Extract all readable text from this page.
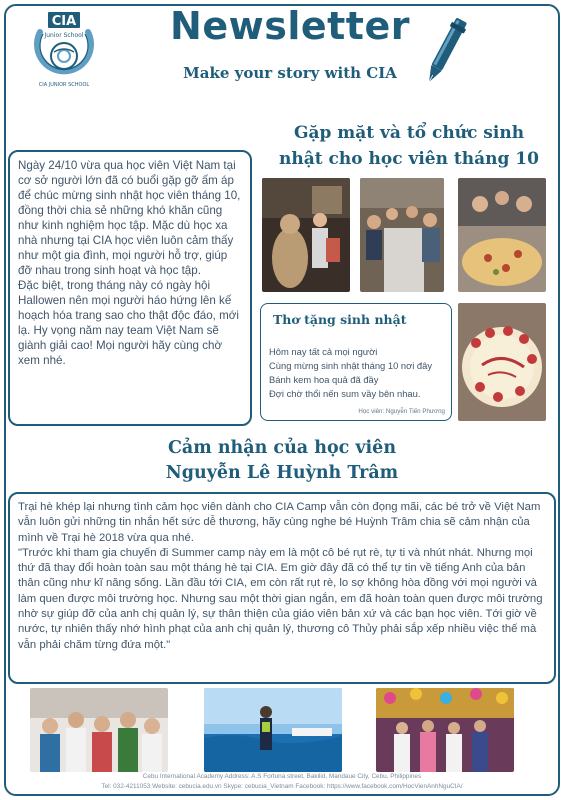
CIA
Junior School
CIA JUNIOR SCHOOL
Newsletter
Make your story with CIA
Gặp mặt và tổ chức sinh
nhật cho học viên tháng 10
Ngày 24/10 vừa qua học viên Việt Nam tại cơ sở người lớn đã có buổi gặp gỡ ấm áp để chúc mừng sinh nhật học viên tháng 10, đồng thời chia sẻ những khó khăn cũng như kinh nghiệm học tập. Mặc dù học xa nhà nhưng tại CIA học viên luôn cảm thấy như một gia đình, mọi người hỗ trợ, giúp đỡ nhau trong sinh hoạt và học tập.
Đặc biệt, trong tháng này có ngày hội Hallowen nên mọi người háo hứng lên kế hoạch hóa trang sao cho thật độc đáo, mới lạ. Hy vọng năm nay team Việt Nam sẽ giành giải cao! Mọi người hãy cùng chờ xem nhé.
Thơ tặng sinh nhật
Hôm nay tất cả mọi người
Cùng mừng sinh nhật tháng 10 nơi đây
Bánh kem hoa quả đã đầy
Đợi chờ thổi nến sum vầy bên nhau.
Học viên: Nguyễn Tiến Phương
Cảm nhận của học viên
Nguyễn Lê Huỳnh Trâm
Trại hè khép lại nhưng tình cảm học viên dành cho CIA Camp vẫn còn đọng mãi, các bé trở về Việt Nam vẫn luôn gửi những tin nhắn hết sức dễ thương, hãy cùng nghe bé Huỳnh Trâm chia sẽ cảm nhận của mình về Trại hè 2018 vừa qua nhé.
"Trước khi tham gia chuyến đi Summer camp này em là một cô bé rụt rè, tự ti và nhút nhát. Nhưng mọi thứ đã thay đổi hoàn toàn sau một tháng hè tại CIA. Em giờ đây đã có thể tự tin về tiếng Anh của bản thân cũng như kĩ năng sống. Lần đầu tới CIA, em còn rất rụt rè, lo sợ không hòa đồng với mọi người và làm quen được môi trường học. Nhưng sau một thời gian ngắn, em đã hoàn toàn quen được môi trường nhờ sự giúp đỡ của anh chị quản lý, sự thân thiện của giáo viên bản xứ và các bạn học viên. Tới giờ về nước, tự nhiên thấy nhớ hình phạt của anh chị quản lý, thương cô Thủy phải sắp xếp nhiều việc thế mà vẫn phải chăm từng đứa một."
Cebu International Academy Address: A.S Fortuna street, Bakilid, Mandaue City, Cebu, Philippines
Tel: 032-4211053 Website: cebucia.edu.vn Skype: cebucia_Vietnam Facebook: https://www.facebook.com/HocVienAnhNguCIA/
